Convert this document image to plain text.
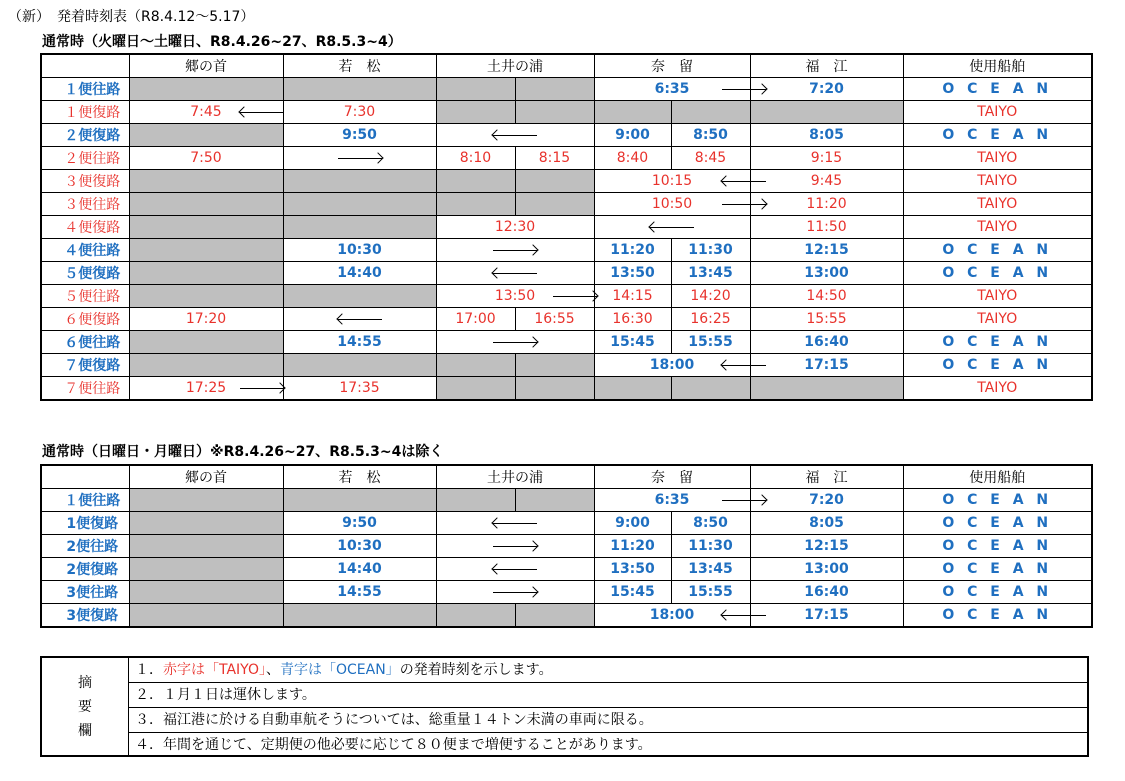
（新）　発着時刻表（R8.4.12～5.17）
通常時（火曜日～土曜日、R8.4.26~27、R8.5.3~4）
通常時（日曜日・月曜日）※R8.4.26~27、R8.5.3~4は除く
	郷の首	若　松	土井の浦		奈　留		福　江	使用船舶
１便往路					6:35		7:20	O C E A N
１便復路	7:45	7:30						TAIYO
２便復路		9:50			9:00	8:50	8:05	O C E A N
２便往路	7:50		8:10	8:15	8:40	8:45	9:15	TAIYO
３便復路					10:15		9:45	TAIYO
３便往路					10:50		11:20	TAIYO
４便復路			12:30				11:50	TAIYO
４便往路		10:30			11:20	11:30	12:15	O C E A N
５便復路		14:40			13:50	13:45	13:00	O C E A N
５便往路			13:50		14:15	14:20	14:50	TAIYO
６便復路	17:20		17:00	16:55	16:30	16:25	15:55	TAIYO
６便往路		14:55			15:45	15:55	16:40	O C E A N
７便復路					18:00		17:15	O C E A N
７便往路	17:25	17:35						TAIYO
	郷の首	若　松	土井の浦		奈　留		福　江	使用船舶
１便往路					6:35		7:20	O C E A N
1便復路		9:50			9:00	8:50	8:05	O C E A N
2便往路		10:30			11:20	11:30	12:15	O C E A N
2便復路		14:40			13:50	13:45	13:00	O C E A N
3便往路		14:55			15:45	15:55	16:40	O C E A N
3便復路					18:00		17:15	O C E A N
摘
要
欄
１．赤字は「TAIYO」、青字は「OCEAN」の発着時刻を示します。
２．１月１日は運休します。
３．福江港に於ける自動車航そうについては、総重量１４トン未満の車両に限る。
４．年間を通じて、定期便の他必要に応じて８０便まで増便することがあります。
